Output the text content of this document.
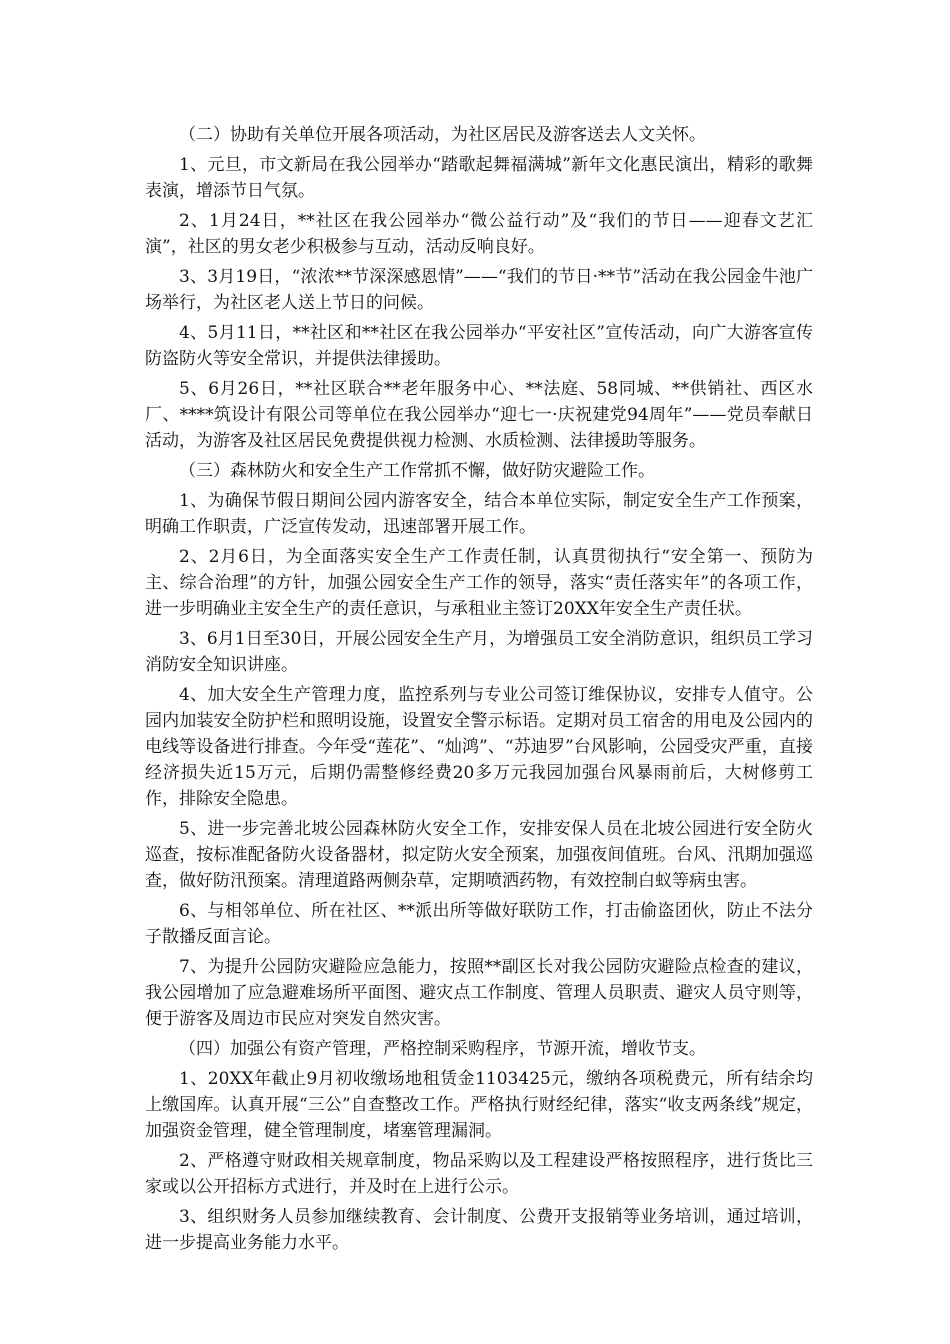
（二）协助有关单位开展各项活动，为社区居民及游客送去人文关怀。

1、元旦，市文新局在我公园举办“踏歌起舞福满城”新年文化惠民演出，精彩的歌舞表演，增添节日气氛。

2、1月24日，**社区在我公园举办“微公益行动”及“我们的节日——迎春文艺汇演”，社区的男女老少积极参与互动，活动反响良好。

3、3月19日，“浓浓**节深深感恩情”——“我们的节日·**节”活动在我公园金牛池广场举行，为社区老人送上节日的问候。

4、5月11日，**社区和**社区在我公园举办“平安社区”宣传活动，向广大游客宣传防盗防火等安全常识，并提供法律援助。

5、6月26日，**社区联合**老年服务中心、**法庭、58同城、**供销社、西区水厂、****筑设计有限公司等单位在我公园举办“迎七一·庆祝建党94周年”——党员奉献日活动，为游客及社区居民免费提供视力检测、水质检测、法律援助等服务。

（三）森林防火和安全生产工作常抓不懈，做好防灾避险工作。

1、为确保节假日期间公园内游客安全，结合本单位实际，制定安全生产工作预案，明确工作职责，广泛宣传发动，迅速部署开展工作。

2、2月6日，为全面落实安全生产工作责任制，认真贯彻执行“安全第一、预防为主、综合治理”的方针，加强公园安全生产工作的领导，落实“责任落实年”的各项工作，进一步明确业主安全生产的责任意识，与承租业主签订20XX年安全生产责任状。

3、6月1日至30日，开展公园安全生产月，为增强员工安全消防意识，组织员工学习消防安全知识讲座。

4、加大安全生产管理力度，监控系列与专业公司签订维保协议，安排专人值守。公园内加装安全防护栏和照明设施，设置安全警示标语。定期对员工宿舍的用电及公园内的电线等设备进行排查。今年受“莲花”、“灿鸿”、“苏迪罗”台风影响，公园受灾严重，直接经济损失近15万元，后期仍需整修经费20多万元我园加强台风暴雨前后，大树修剪工作，排除安全隐患。

5、进一步完善北坡公园森林防火安全工作，安排安保人员在北坡公园进行安全防火巡查，按标准配备防火设备器材，拟定防火安全预案，加强夜间值班。台风、汛期加强巡查，做好防汛预案。清理道路两侧杂草，定期喷洒药物，有效控制白蚁等病虫害。

6、与相邻单位、所在社区、**派出所等做好联防工作，打击偷盗团伙，防止不法分子散播反面言论。

7、为提升公园防灾避险应急能力，按照**副区长对我公园防灾避险点检查的建议，我公园增加了应急避难场所平面图、避灾点工作制度、管理人员职责、避灾人员守则等，便于游客及周边市民应对突发自然灾害。

（四）加强公有资产管理，严格控制采购程序，节源开流，增收节支。

1、20XX年截止9月初收缴场地租赁金1103425元，缴纳各项税费元，所有结余均上缴国库。认真开展“三公”自查整改工作。严格执行财经纪律，落实“收支两条线”规定，加强资金管理，健全管理制度，堵塞管理漏洞。

2、严格遵守财政相关规章制度，物品采购以及工程建设严格按照程序，进行货比三家或以公开招标方式进行，并及时在上进行公示。

3、组织财务人员参加继续教育、会计制度、公费开支报销等业务培训，通过培训，进一步提高业务能力水平。
